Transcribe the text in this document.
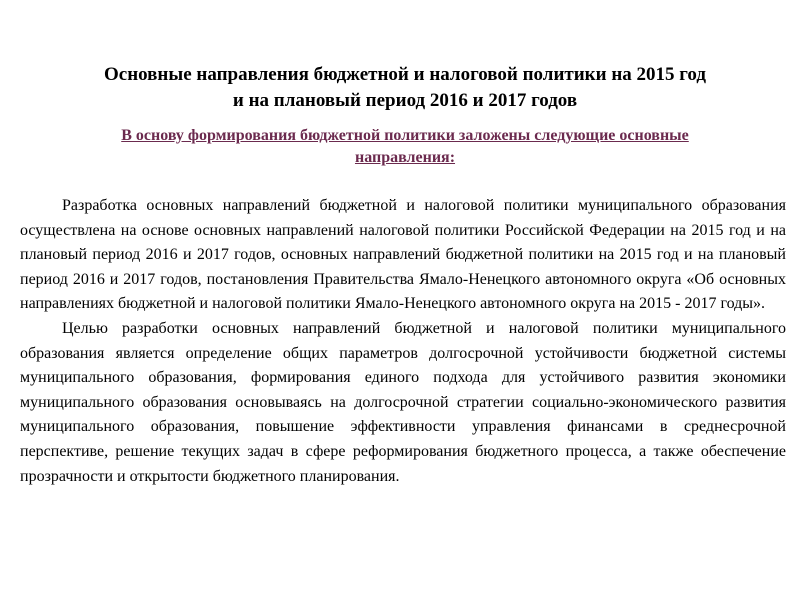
Основные направления бюджетной и налоговой политики на 2015 год
и на плановый период 2016 и 2017 годов
В основу формирования бюджетной политики заложены следующие основные
направления:

Разработка основных направлений бюджетной и налоговой политики муниципального образования осуществлена на основе основных направлений налоговой политики Российской Федерации на 2015 год и на плановый период 2016 и 2017 годов, основных направлений бюджетной политики на 2015 год и на плановый период 2016 и 2017 годов, постановления Правительства Ямало-Ненецкого автономного округа «Об основных направлениях бюджетной и налоговой политики Ямало-Ненецкого автономного округа на 2015 - 2017 годы».

Целью разработки основных направлений бюджетной и налоговой политики муниципального образования является определение общих параметров долгосрочной устойчивости бюджетной системы муниципального образования, формирования единого подхода для устойчивого развития экономики муниципального образования основываясь на долгосрочной стратегии социально-экономического развития муниципального образования, повышение эффективности управления финансами в среднесрочной перспективе, решение текущих задач в сфере реформирования бюджетного процесса, а также обеспечение прозрачности и открытости бюджетного планирования.
